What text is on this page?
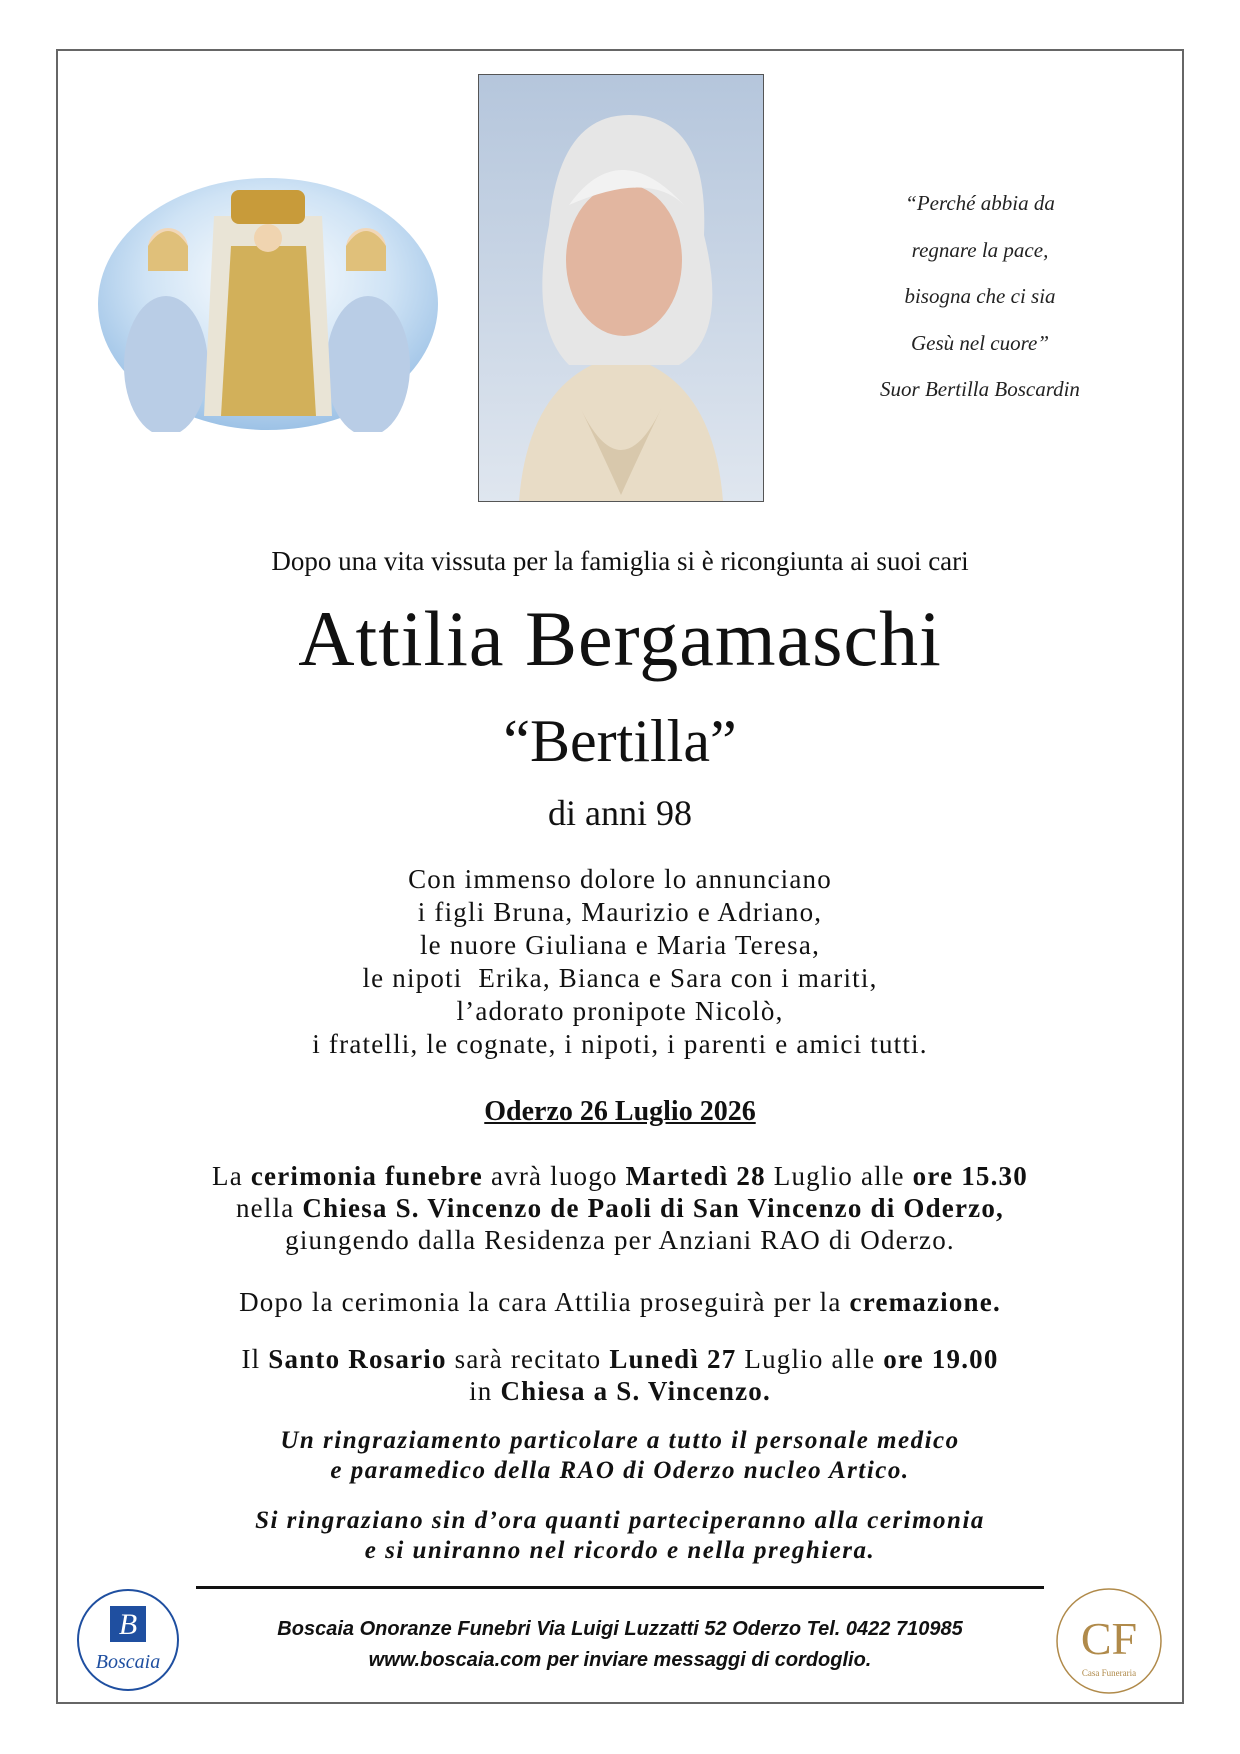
“Perché abbia da
regnare la pace,
bisogna che ci sia
Gesù nel cuore”
Suor Bertilla Boscardin
Dopo una vita vissuta per la famiglia si è ricongiunta ai suoi cari
Attilia Bergamaschi
“Bertilla”
di anni 98
Con immenso dolore lo annunciano
i figli Bruna, Maurizio e Adriano,
le nuore Giuliana e Maria Teresa,
le nipoti  Erika, Bianca e Sara con i mariti,
l’adorato pronipote Nicolò,
i fratelli, le cognate, i nipoti, i parenti e amici tutti.
Oderzo 26 Luglio 2026
La cerimonia funebre avrà luogo Martedì 28 Luglio alle ore 15.30
nella Chiesa S. Vincenzo de Paoli di San Vincenzo di Oderzo,
giungendo dalla Residenza per Anziani RAO di Oderzo.
Dopo la cerimonia la cara Attilia proseguirà per la cremazione.
Il Santo Rosario sarà recitato Lunedì 27 Luglio alle ore 19.00
in Chiesa a S. Vincenzo.
Un ringraziamento particolare a tutto il personale medico
e paramedico della RAO di Oderzo nucleo Artico.
Si ringraziano sin d’ora quanti parteciperanno alla cerimonia
e si uniranno nel ricordo e nella preghiera.
Boscaia Onoranze Funebri Via Luigi Luzzatti 52 Oderzo Tel. 0422 710985
www.boscaia.com per inviare messaggi di cordoglio.
B
Boscaia	CF
Casa Funeraria
